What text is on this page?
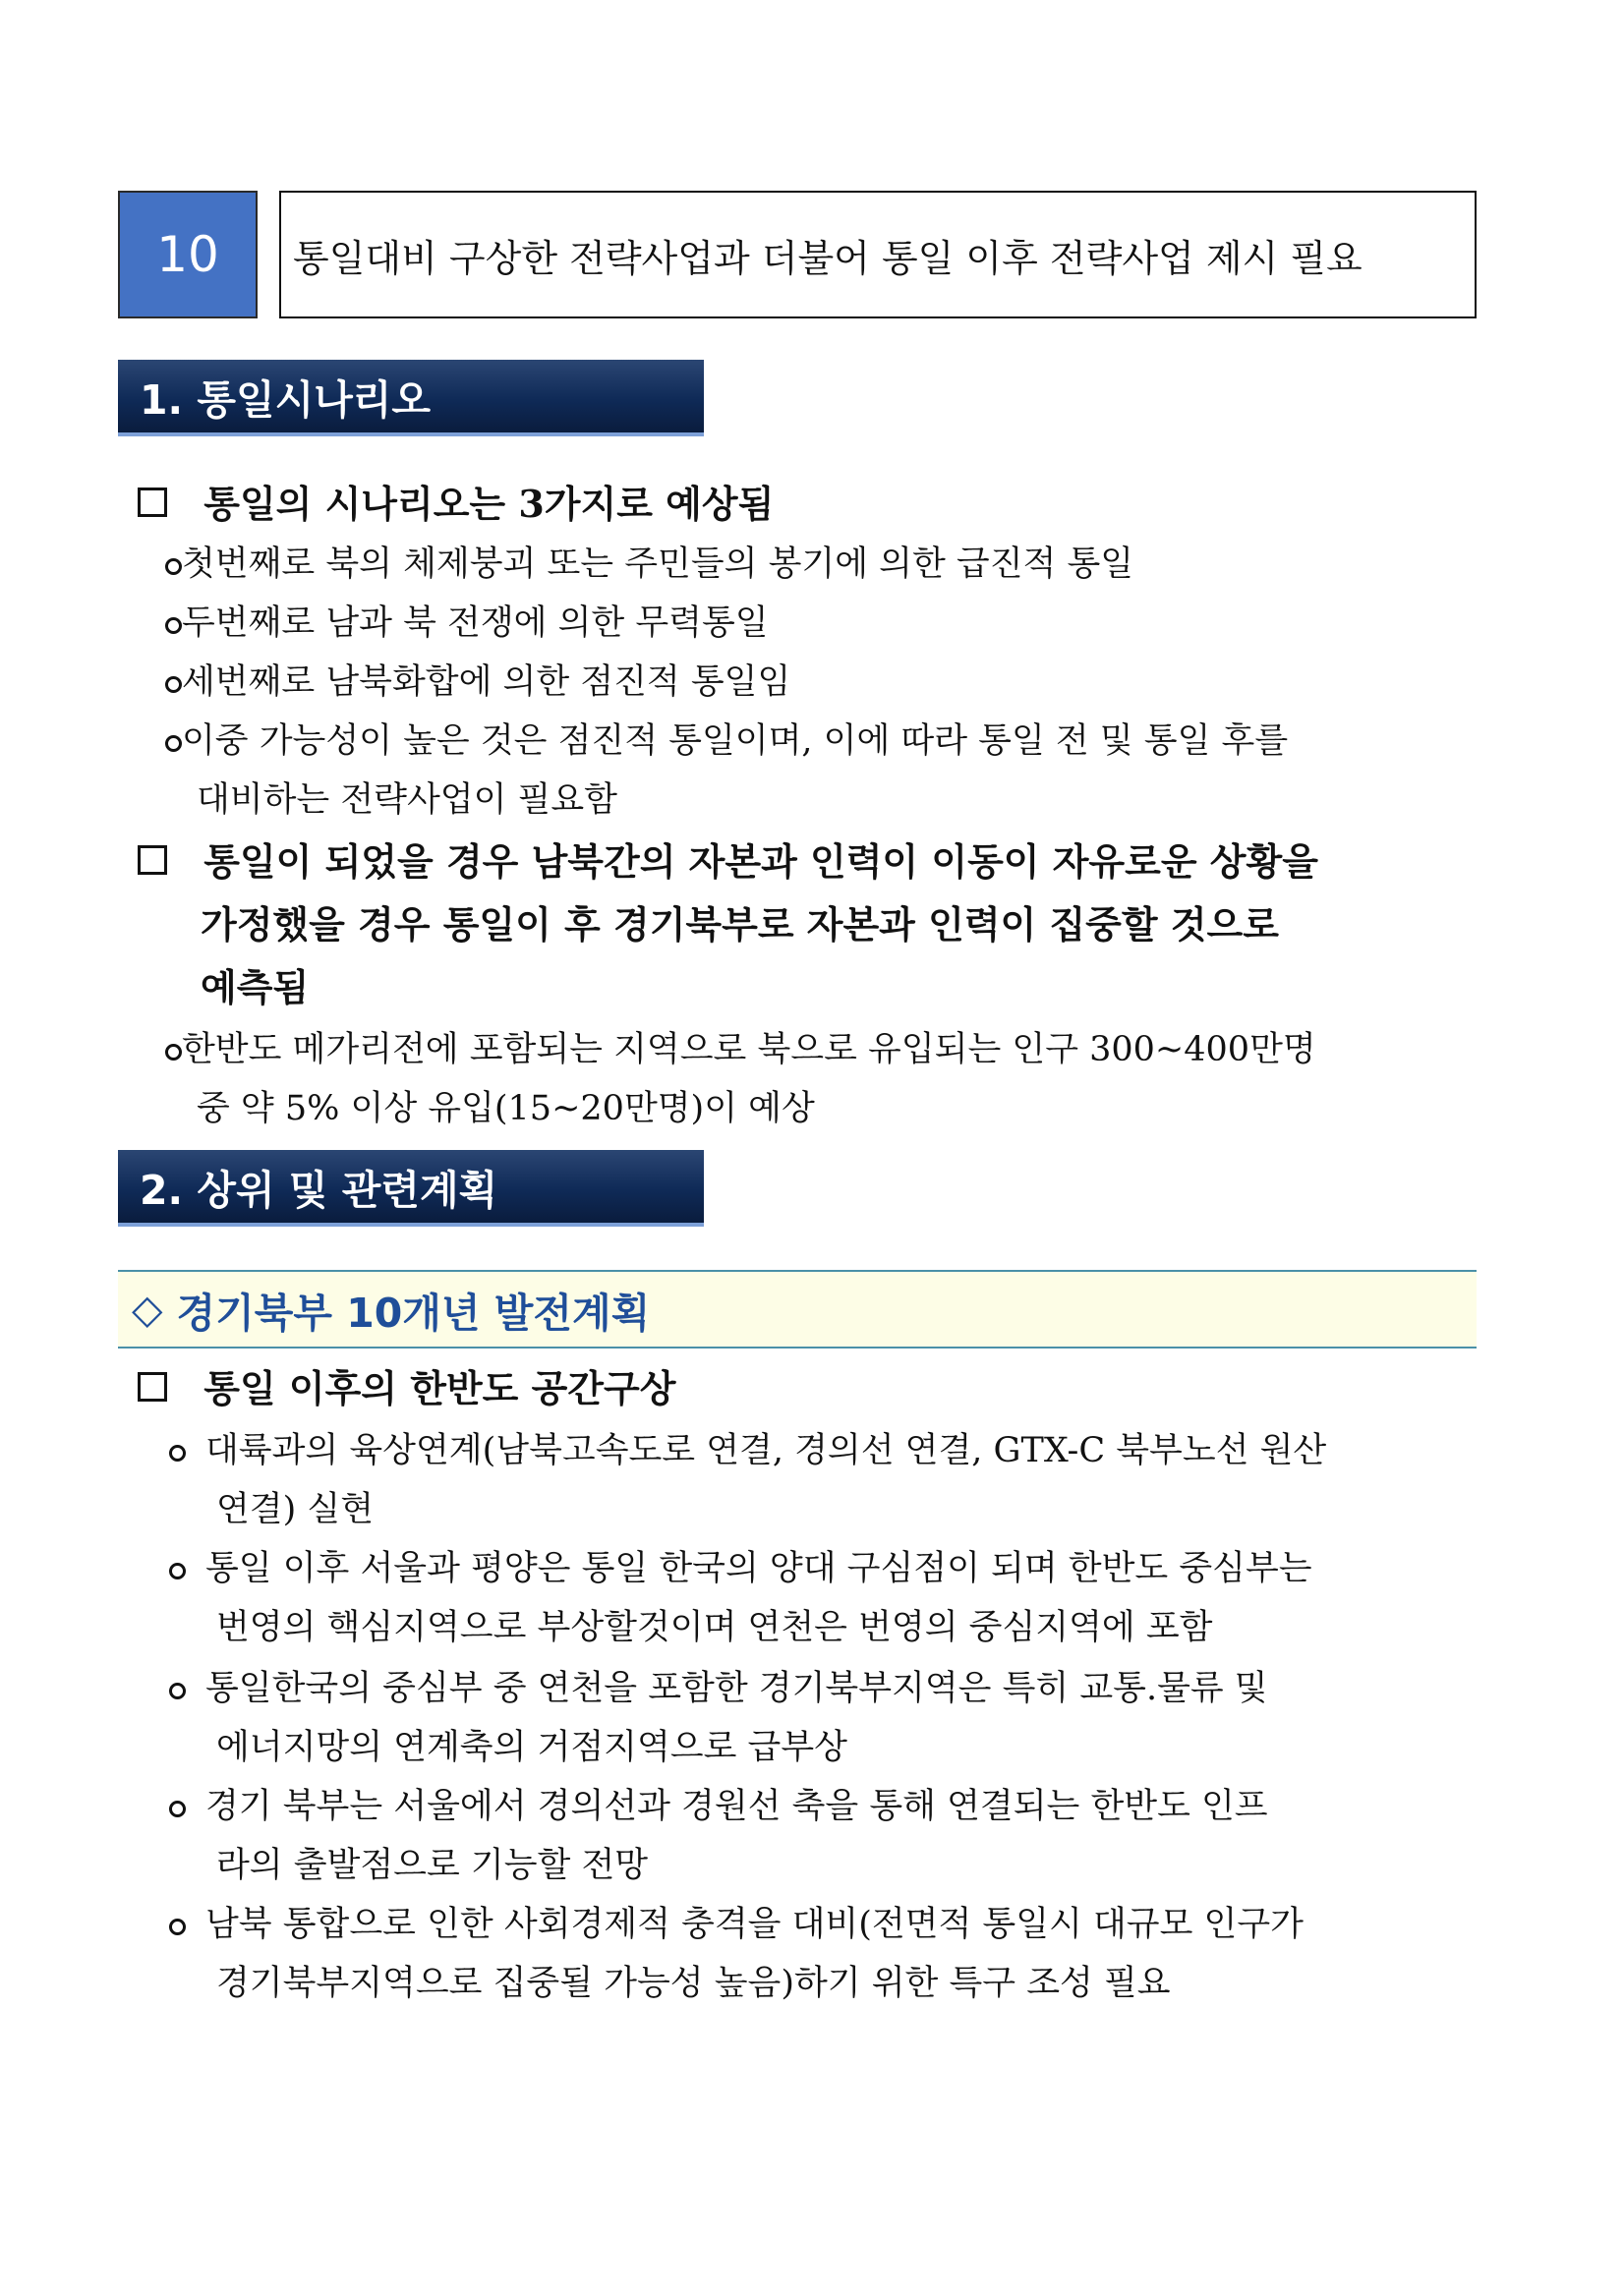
10	통일대비 구상한 전략사업과 더불어 통일 이후 전략사업 제시 필요
1. 통일시나리오
통일의 시나리오는 3가지로 예상됨
첫번째로 북의 체제붕괴 또는 주민들의 봉기에 의한 급진적 통일
두번째로 남과 북 전쟁에 의한 무력통일
세번째로 남북화합에 의한 점진적 통일임
이중 가능성이 높은 것은 점진적 통일이며, 이에 따라 통일 전 및 통일 후를
대비하는 전략사업이 필요함
통일이 되었을 경우 남북간의 자본과 인력이 이동이 자유로운 상황을
가정했을 경우 통일이 후 경기북부로 자본과 인력이 집중할 것으로
예측됨
한반도 메가리전에 포함되는 지역으로 북으로 유입되는 인구 300~400만명
중 약 5% 이상 유입(15~20만명)이 예상
2. 상위 및 관련계획
◇ 경기북부 10개년 발전계획
통일 이후의 한반도 공간구상
대륙과의 육상연계(남북고속도로 연결, 경의선 연결, GTX-C 북부노선 원산
연결) 실현
통일 이후 서울과 평양은 통일 한국의 양대 구심점이 되며 한반도 중심부는
번영의 핵심지역으로 부상할것이며 연천은 번영의 중심지역에 포함
통일한국의 중심부 중 연천을 포함한 경기북부지역은 특히 교통.물류 및
에너지망의 연계축의 거점지역으로 급부상
경기 북부는 서울에서 경의선과 경원선 축을 통해 연결되는 한반도 인프
라의 출발점으로 기능할 전망
남북 통합으로 인한 사회경제적 충격을 대비(전면적 통일시 대규모 인구가
경기북부지역으로 집중될 가능성 높음)하기 위한 특구 조성 필요
